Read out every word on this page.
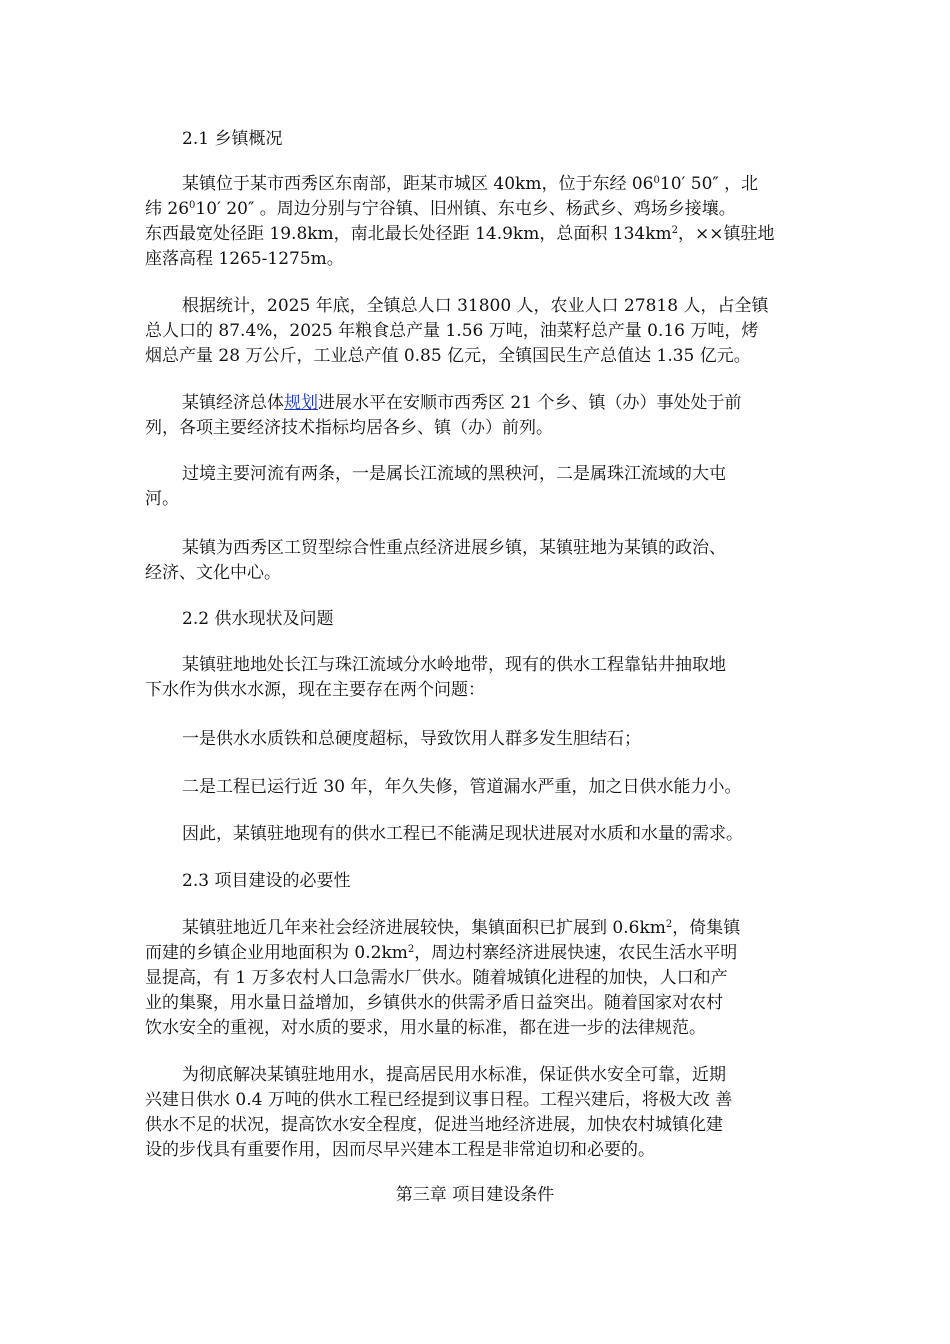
2.1 乡镇概况
某镇位于某市西秀区东南部，距某市城区 40km，位于东经 $06^010'$ 50″ ，北
纬 $26^010'$ 20″ 。周边分别与宁谷镇、旧州镇、东屯乡、杨武乡、鸡场乡接壤。
东西最宽处径距 19.8km，南北最长处径距 14.9km，总面积 $134km^2$，××镇驻地
座落高程 1265-1275m。
根据统计，2025 年底，全镇总人口 31800 人，农业人口 27818 人，占全镇
总人口的 87.4%，2025 年粮食总产量 1.56 万吨，油菜籽总产量 0.16 万吨，烤
烟总产量 28 万公斤，工业总产值 0.85 亿元，全镇国民生产总值达 1.35 亿元。
某镇经济总体规划进展水平在安顺市西秀区 21 个乡、镇（办）事处处于前
列，各项主要经济技术指标均居各乡、镇（办）前列。
过境主要河流有两条，一是属长江流域的黑秧河，二是属珠江流域的大屯
河。
某镇为西秀区工贸型综合性重点经济进展乡镇，某镇驻地为某镇的政治、
经济、文化中心。
2.2 供水现状及问题
某镇驻地地处长江与珠江流域分水岭地带，现有的供水工程靠钻井抽取地
下水作为供水水源，现在主要存在两个问题：
一是供水水质铁和总硬度超标，导致饮用人群多发生胆结石；
二是工程已运行近 30 年，年久失修，管道漏水严重，加之日供水能力小。
因此，某镇驻地现有的供水工程已不能满足现状进展对水质和水量的需求。
2.3 项目建设的必要性
某镇驻地近几年来社会经济进展较快，集镇面积已扩展到 $0.6km^2$，倚集镇
而建的乡镇企业用地面积为 $0.2km^2$，周边村寨经济进展快速，农民生活水平明
显提高，有 1 万多农村人口急需水厂供水。随着城镇化进程的加快，人口和产
业的集聚，用水量日益增加，乡镇供水的供需矛盾日益突出。随着国家对农村
饮水安全的重视，对水质的要求，用水量的标准，都在进一步的法律规范。
为彻底解决某镇驻地用水，提高居民用水标准，保证供水安全可靠，近期
兴建日供水 0.4 万吨的供水工程已经提到议事日程。工程兴建后，将极大改 善
供水不足的状况，提高饮水安全程度，促进当地经济进展，加快农村城镇化建
设的步伐具有重要作用，因而尽早兴建本工程是非常迫切和必要的。
第三章 项目建设条件
